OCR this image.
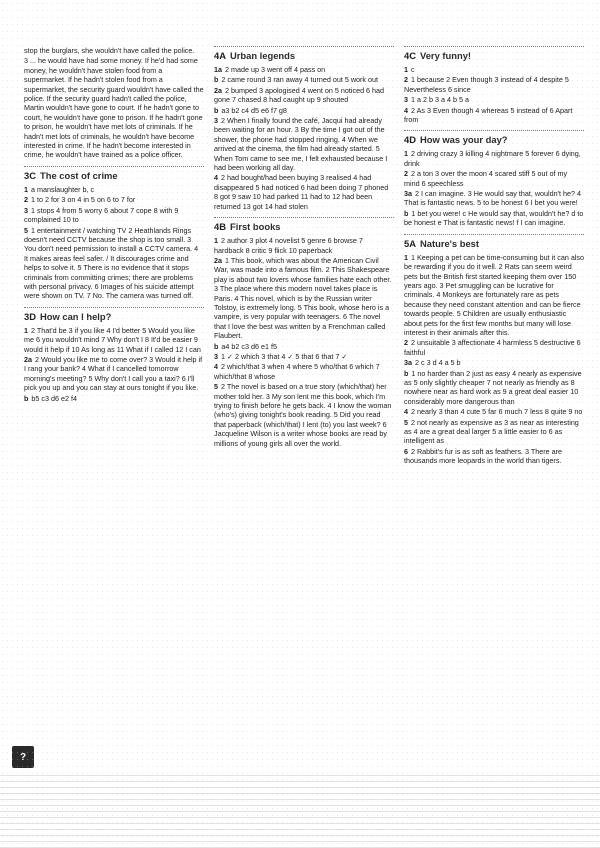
stop the burglars, she wouldn't have called the police.
3 ... he would have had some money. If he'd had some money, he wouldn't have stolen food from a supermarket. If he hadn't stolen food from a supermarket, the security guard wouldn't have called the police. If the security guard hadn't called the police, Martin wouldn't have gone to court. If he hadn't gone to court, he wouldn't have gone to prison. If he hadn't gone to prison, he wouldn't have met lots of criminals. If he hadn't met lots of criminals, he wouldn't have become interested in crime. If he hadn't become interested in crime, he wouldn't have trained as a police officer.
3C The cost of crime
1 a manslaughter b, c
2 1 to 2 for 3 on 4 in 5 on 6 to 7 for
3 1 stops 4 from 5 worry 6 about 7 cope 8 with 9 complained 10 to
5 1 entertainment / watching TV 2 Heathlands Rings doesn't need CCTV because the shop is too small. 3 You don't need permission to install a CCTV camera. 4 It makes areas feel safer. / It discourages crime and helps to solve it. 5 There is no evidence that it stops criminals from committing crimes; there are problems with personal privacy. 6 Images of his suicide attempt were shown on TV. 7 No. The camera was turned off.
3D How can I help?
1 2 That'd be 3 if you like 4 I'd better 5 Would you like me 6 you wouldn't mind 7 Why don't I 8 It'd be easier 9 would it help if 10 As long as 11 What if I called 12 I can
2a 2 Would you like me to come over? 3 Would it help if I rang your bank? 4 What if I cancelled tomorrow morning's meeting? 5 Why don't I call you a taxi? 6 I'll pick you up and you can stay at ours tonight if you like.
b b5 c3 d6 e2 f4
4A Urban legends
1a 2 made up 3 went off 4 pass on
b 2 came round 3 ran away 4 turned out 5 work out
2a 2 bumped 3 apologised 4 went on 5 noticed 6 had gone 7 chased 8 had caught up 9 shouted
b a3 b2 c4 d5 e6 f7 g8
3 2 When I finally found the café, Jacqui had already been waiting for an hour. 3 By the time I got out of the shower, the phone had stopped ringing. 4 When we arrived at the cinema, the film had already started. 5 When Tom came to see me, I felt exhausted because I had been working all day.
4 2 had bought/had been buying 3 realised 4 had disappeared 5 had noticed 6 had been doing 7 phoned 8 got 9 saw 10 had parked 11 had to 12 had been returned 13 got 14 had stolen
4B First books
1 2 author 3 plot 4 novelist 5 genre 6 browse 7 hardback 8 critic 9 flick 10 paperback
2a 1 This book, which was about the American Civil War, was made into a famous film. 2 This Shakespeare play is about two lovers whose families hate each other. 3 The place where this modern novel takes place is Paris. 4 This novel, which is by the Russian writer Tolstoy, is extremely long. 5 This book, whose hero is a vampire, is very popular with teenagers. 6 The novel that I love the best was written by a Frenchman called Flaubert.
b a4 b2 c3 d6 e1 f5
3 1 ✓ 2 which 3 that 4 ✓ 5 that 6 that 7 ✓
4 2 which/that 3 when 4 where 5 who/that 6 which 7 which/that 8 whose
5 2 The novel is based on a true story (which/that) her mother told her. 3 My son lent me this book, which I'm trying to finish before he gets back. 4 I know the woman (who's) giving tonight's book reading. 5 Did you read that paperback (which/that) I lent (to) you last week? 6 Jacqueline Wilson is a writer whose books are read by millions of young girls all over the world.
4C Very funny!
1 c
2 1 because 2 Even though 3 instead of 4 despite 5 Nevertheless 6 since
3 1 a 2 b 3 a 4 b 5 a
4 2 As 3 Even though 4 whereas 5 instead of 6 Apart from
4D How was your day?
1 2 driving crazy 3 killing 4 nightmare 5 forever 6 dying, drink
2 2 a ton 3 over the moon 4 scared stiff 5 out of my mind 6 speechless
3a 2 I can imagine. 3 He would say that, wouldn't he? 4 That is fantastic news. 5 to be honest 6 I bet you were!
b 1 bet you were! c He would say that, wouldn't he? d to be honest e That is fantastic news! f I can imagine.
5A Nature's best
1 1 Keeping a pet can be time-consuming but it can also be rewarding if you do it well. 2 Rats can seem weird pets but the British first started keeping them over 150 years ago. 3 Pet smuggling can be lucrative for criminals. 4 Monkeys are fortunately rare as pets because they need constant attention and can be fierce towards people. 5 Children are usually enthusiastic about pets for the first few months but many will lose interest in their animals after this.
2 2 unsuitable 3 affectionate 4 harmless 5 destructive 6 faithful
3a 2 c 3 d 4 a 5 b
b 1 no harder than 2 just as easy 4 nearly as expensive as 5 only slightly cheaper 7 not nearly as friendly as 8 nowhere near as hard work as 9 a great deal easier 10 considerably more dangerous than
4 2 nearly 3 than 4 cute 5 far 6 much 7 less 8 quite 9 no
5 2 not nearly as expensive as 3 as near as interesting as 4 are a great deal larger 5 a little easier to 6 as intelligent as
6 2 Rabbit's fur is as soft as feathers. 3 There are thousands more leopards in the world than tigers.
?
